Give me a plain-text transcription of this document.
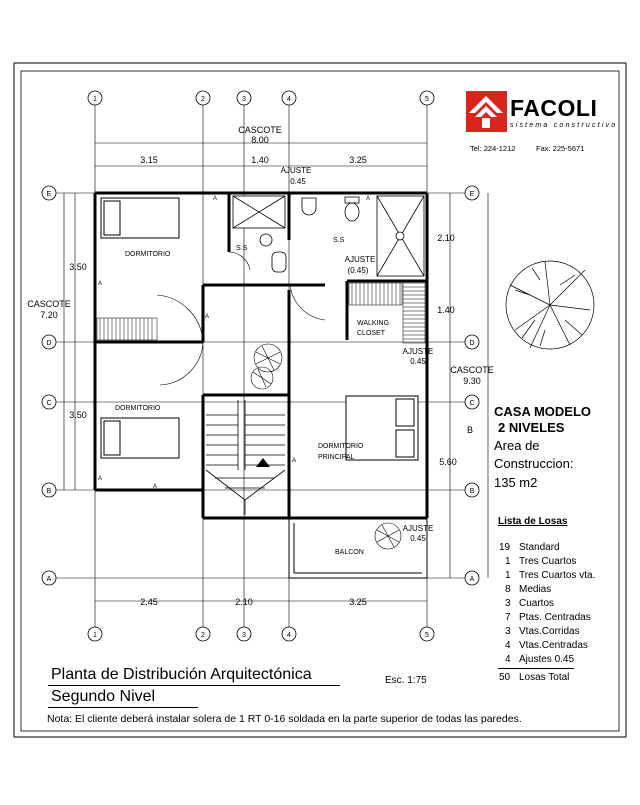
1	2	3	4	5
1	2	3	4	5
E
D
C
B
A
E
D
C
B
A
CASCOTE
8.00
3.15	1.40	3.25
2.45	2.10	3.25
CASCOTE
7.20
3.50
3.50
2.10
1.40
5.60
CASCOTE
9.30
B
DORMITORIO
DORMITORIO
S.S
S.S
WALKING
CLOSET
DORMITORIO
PRINCIPAL
BALCON
AJUSTE
0.45
AJUSTE
(0.45)
AJUSTE
0.45
AJUSTE
0.45
A
A
A
A
A
A
A
FACOLI
sistema constructivo
Tel: 224-1212	Fax: 225-5671
CASA MODELO
2 NIVELES
Area de
Construccion:
135 m2
Lista de Losas
19 Standard
1 Tres Cuartos
1 Tres Cuartos vta.
8 Medias
3 Cuartos
7 Ptas. Centradas
3 Vtas.Corridas
4 Vtas.Centradas
4 Ajustes 0.45
50 Losas Total
Planta de Distribución Arquitectónica
Segundo Nivel
Esc. 1:75
Nota: El cliente deberá instalar solera de 1 RT 0-16 soldada en la parte superior de todas las paredes.
